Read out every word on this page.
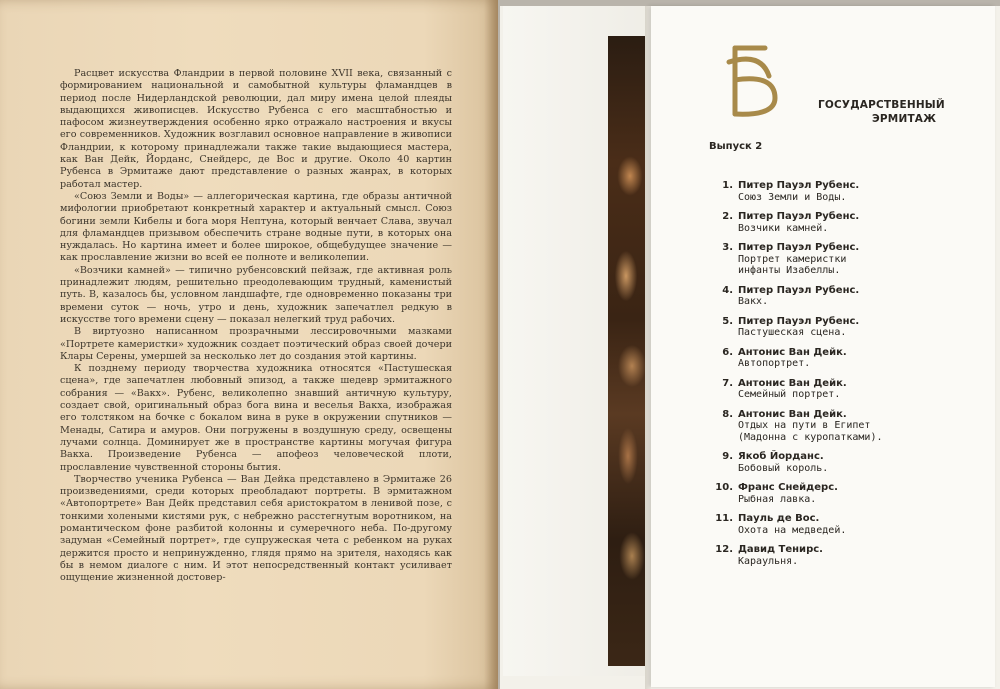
Расцвет искусства Фландрии в первой половине XVII века, связанный с формированием национальной и самобытной культуры фламандцев в период после Нидерландской революции, дал миру имена целой плеяды выдающихся живописцев. Искусство Рубенса с его масштабностью и пафосом жизнеутверждения особенно ярко отражало настроения и вкусы его современников. Художник возглавил основное направление в живописи Фландрии, к которому принадлежали также такие выдающиеся мастера, как Ван Дейк, Йорданс, Снейдерс, де Вос и другие. Около 40 картин Рубенса в Эрмитаже дают представление о разных жанрах, в которых работал мастер.

«Союз Земли и Воды» — аллегорическая картина, где образы античной мифологии приобретают конкретный характер и актуальный смысл. Союз богини земли Кибелы и бога моря Нептуна, который венчает Слава, звучал для фламандцев призывом обеспечить стране водные пути, в которых она нуждалась. Но картина имеет и более широкое, общебудущее значение — как прославление жизни во всей ее полноте и великолепии.

«Возчики камней» — типично рубенсовский пейзаж, где активная роль принадлежит людям, решительно преодолевающим трудный, каменистый путь. В, казалось бы, условном ландшафте, где одновременно показаны три времени суток — ночь, утро и день, художник запечатлел редкую в искусстве того времени сцену — показал нелегкий труд рабочих.

В виртуозно написанном прозрачными лессировочными мазками «Портрете камеристки» художник создает поэтический образ своей дочери Клары Серены, умершей за несколько лет до создания этой картины.

К позднему периоду творчества художника относятся «Пастушеская сцена», где запечатлен любовный эпизод, а также шедевр эрмитажного собрания — «Вакх». Рубенс, великолепно знавший античную культуру, создает свой, оригинальный образ бога вина и веселья Вакха, изображая его толстяком на бочке с бокалом вина в руке в окружении спутников — Менады, Сатира и амуров. Они погружены в воздушную среду, освещены лучами солнца. Доминирует же в пространстве картины могучая фигура Вакха. Произведение Рубенса — апофеоз человеческой плоти, прославление чувственной стороны бытия.

Творчество ученика Рубенса — Ван Дейка представлено в Эрмитаже 26 произведениями, среди которых преобладают портреты. В эрмитажном «Автопортрете» Ван Дейк представил себя аристократом в ленивой позе, с тонкими холеными кистями рук, с небрежно расстегнутым воротником, на романтическом фоне разбитой колонны и сумеречного неба. По-другому задуман «Семейный портрет», где супружеская чета с ребенком на руках держится просто и непринужденно, глядя прямо на зрителя, находясь как бы в немом диалоге с ним. И этот непосредственный контакт усиливает ощущение жизненной достовер-

ГОСУДАРСТВЕННЫЙ
ЭРМИТАЖ
Выпуск 2
1. Питер Пауэл Рубенс.
Союз Земли и Воды.
2. Питер Пауэл Рубенс.
Возчики камней.
3. Питер Пауэл Рубенс.
Портрет камеристки
инфанты Изабеллы.
4. Питер Пауэл Рубенс.
Вакх.
5. Питер Пауэл Рубенс.
Пастушеская сцена.
6. Антонис Ван Дейк.
Автопортрет.
7. Антонис Ван Дейк.
Семейный портрет.
8. Антонис Ван Дейк.
Отдых на пути в Египет
(Мадонна с куропатками).
9. Якоб Йорданс.
Бобовый король.
10. Франс Снейдерс.
Рыбная лавка.
11. Пауль де Вос.
Охота на медведей.
12. Давид Тенирс.
Караульня.
